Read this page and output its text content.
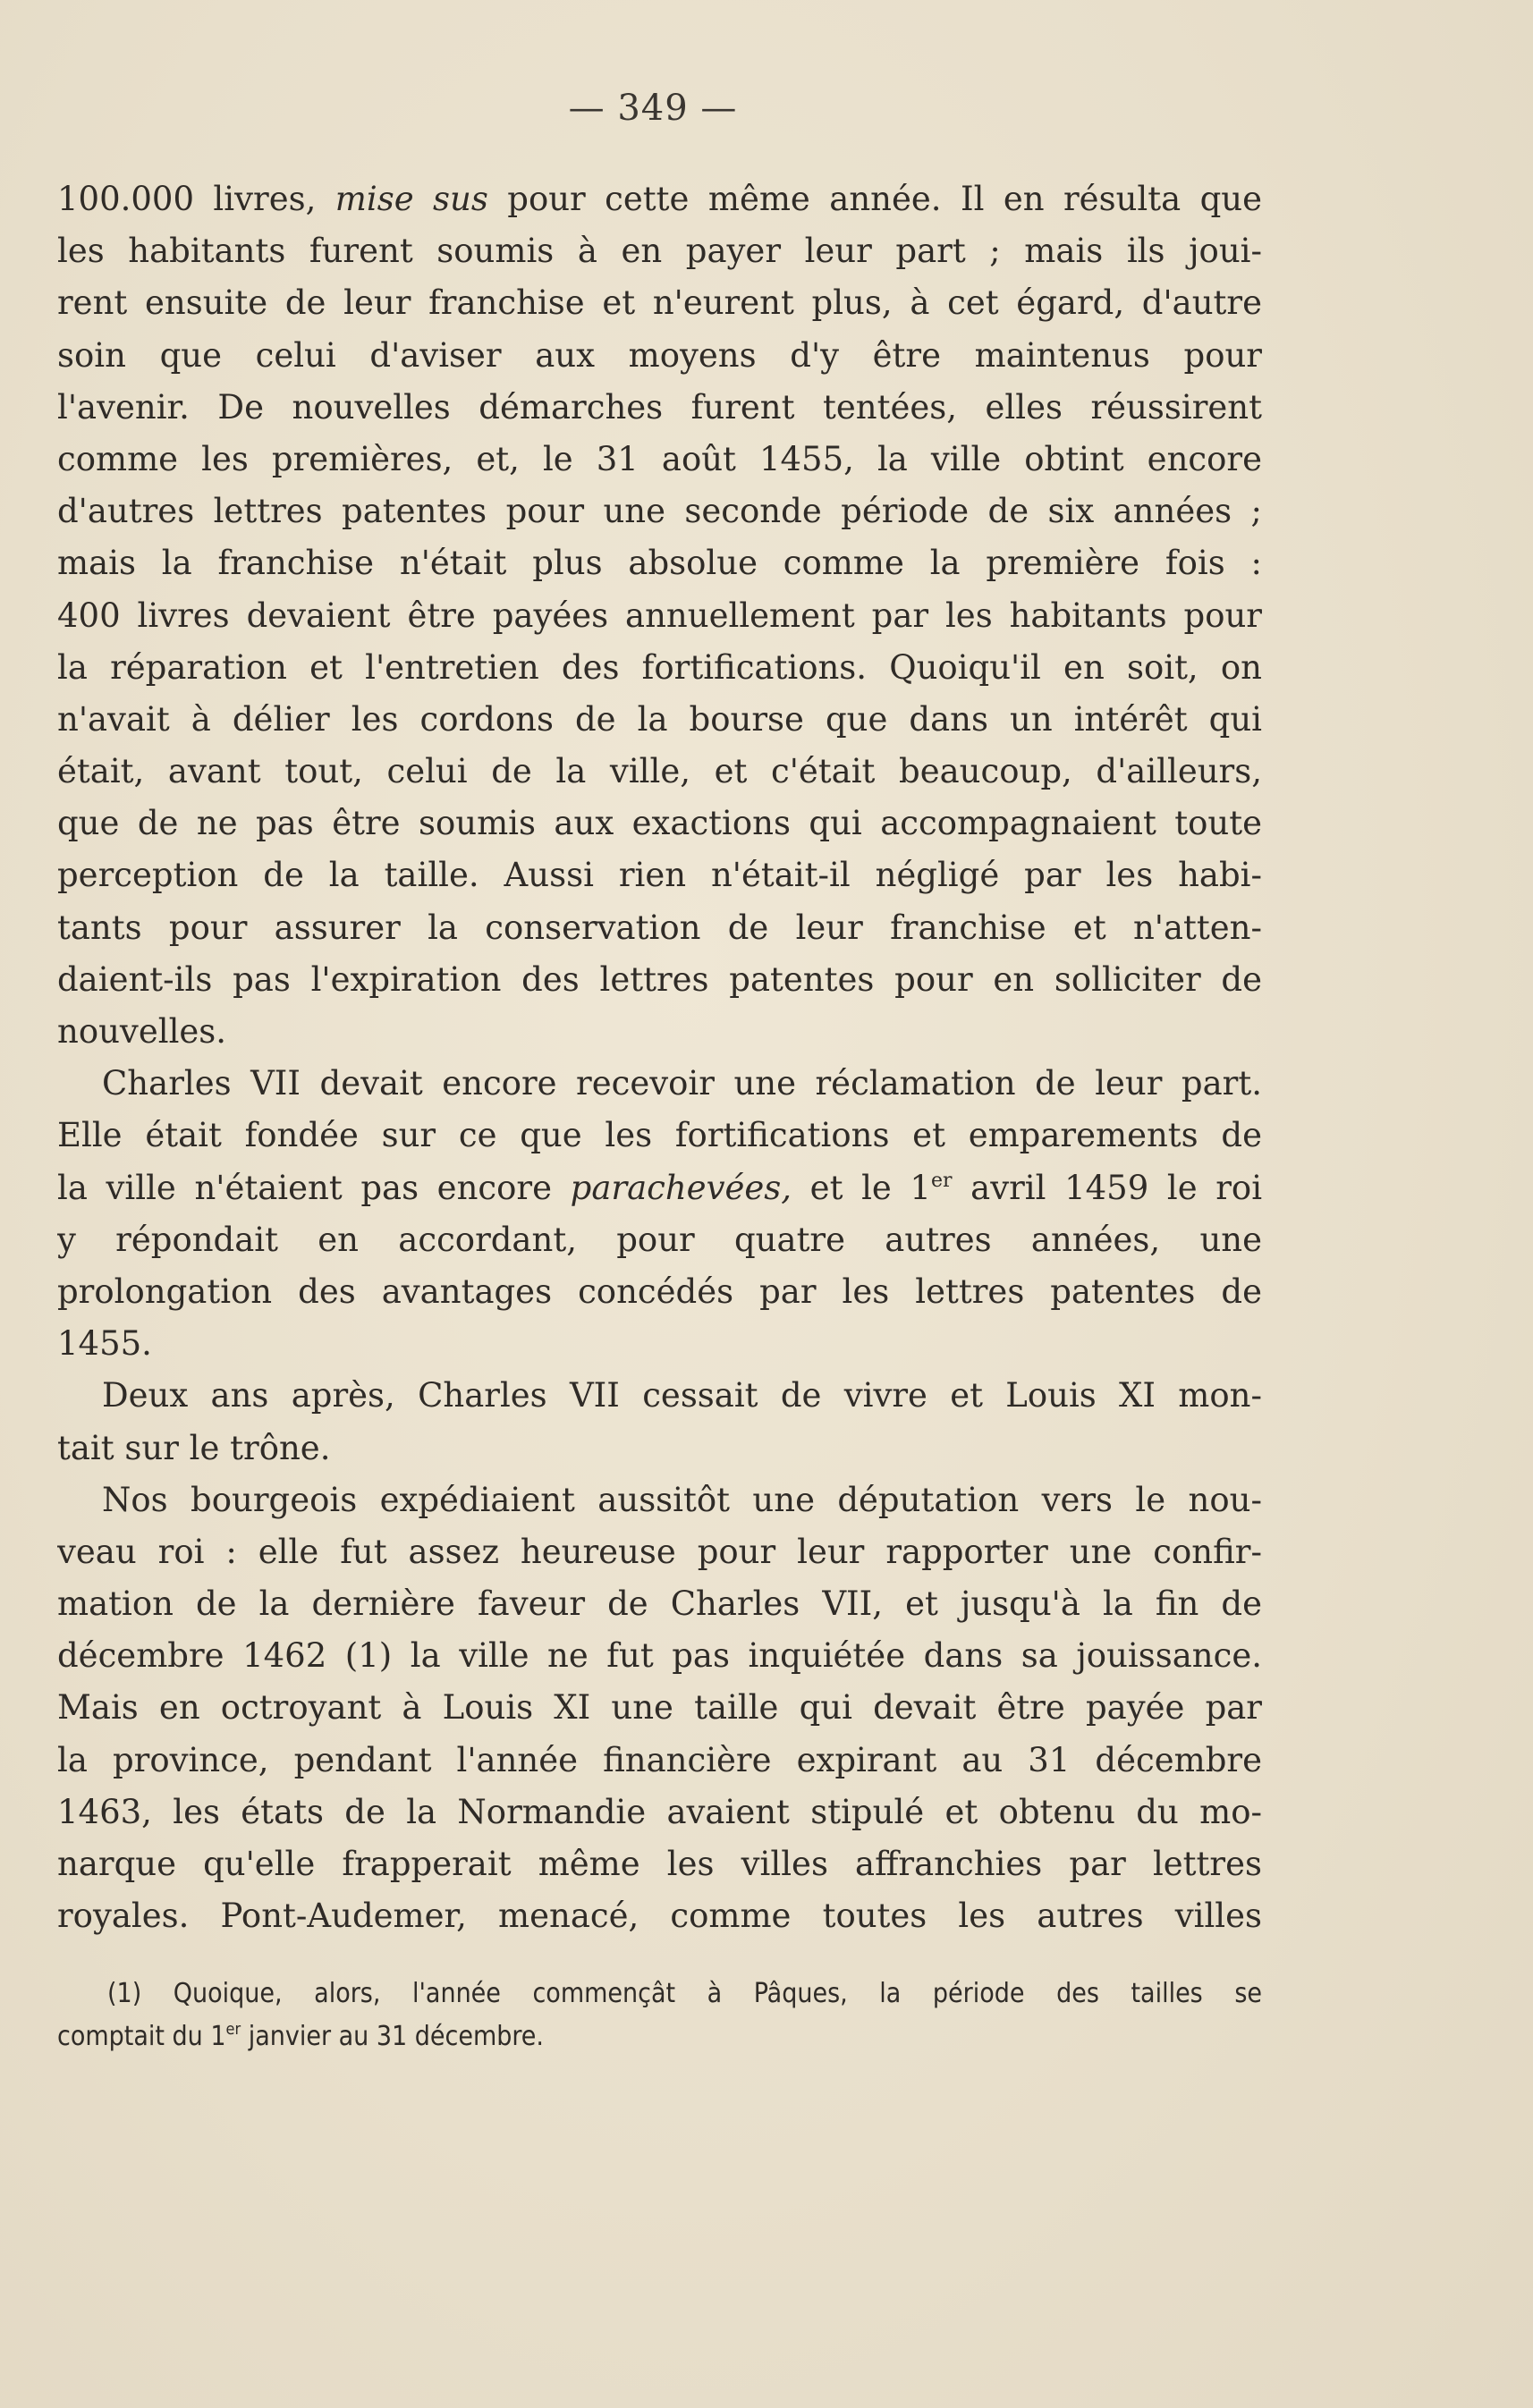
— 349 —
100.000 livres, mise sus pour cette même année. Il en résulta que
les habitants furent soumis à en payer leur part ; mais ils joui-
rent ensuite de leur franchise et n'eurent plus, à cet égard, d'autre
soin que celui d'aviser aux moyens d'y être maintenus pour
l'avenir. De nouvelles démarches furent tentées, elles réussirent
comme les premières, et, le 31 août 1455, la ville obtint encore
d'autres lettres patentes pour une seconde période de six années ;
mais la franchise n'était plus absolue comme la première fois :
400 livres devaient être payées annuellement par les habitants pour
la réparation et l'entretien des fortifications. Quoiqu'il en soit, on
n'avait à délier les cordons de la bourse que dans un intérêt qui
était, avant tout, celui de la ville, et c'était beaucoup, d'ailleurs,
que de ne pas être soumis aux exactions qui accompagnaient toute
perception de la taille. Aussi rien n'était-il négligé par les habi-
tants pour assurer la conservation de leur franchise et n'atten-
daient-ils pas l'expiration des lettres patentes pour en solliciter de
nouvelles.
Charles VII devait encore recevoir une réclamation de leur part.
Elle était fondée sur ce que les fortifications et emparements de
la ville n'étaient pas encore parachevées, et le 1er avril 1459 le roi
y répondait en accordant, pour quatre autres années, une
prolongation des avantages concédés par les lettres patentes de
1455.
Deux ans après, Charles VII cessait de vivre et Louis XI mon-
tait sur le trône.
Nos bourgeois expédiaient aussitôt une députation vers le nou-
veau roi : elle fut assez heureuse pour leur rapporter une confir-
mation de la dernière faveur de Charles VII, et jusqu'à la fin de
décembre 1462 (1) la ville ne fut pas inquiétée dans sa jouissance.
Mais en octroyant à Louis XI une taille qui devait être payée par
la province, pendant l'année financière expirant au 31 décembre
1463, les états de la Normandie avaient stipulé et obtenu du mo-
narque qu'elle frapperait même les villes affranchies par lettres
royales. Pont-Audemer, menacé, comme toutes les autres villes
(1) Quoique, alors, l'année commençât à Pâques, la période des tailles se
comptait du 1er janvier au 31 décembre.
